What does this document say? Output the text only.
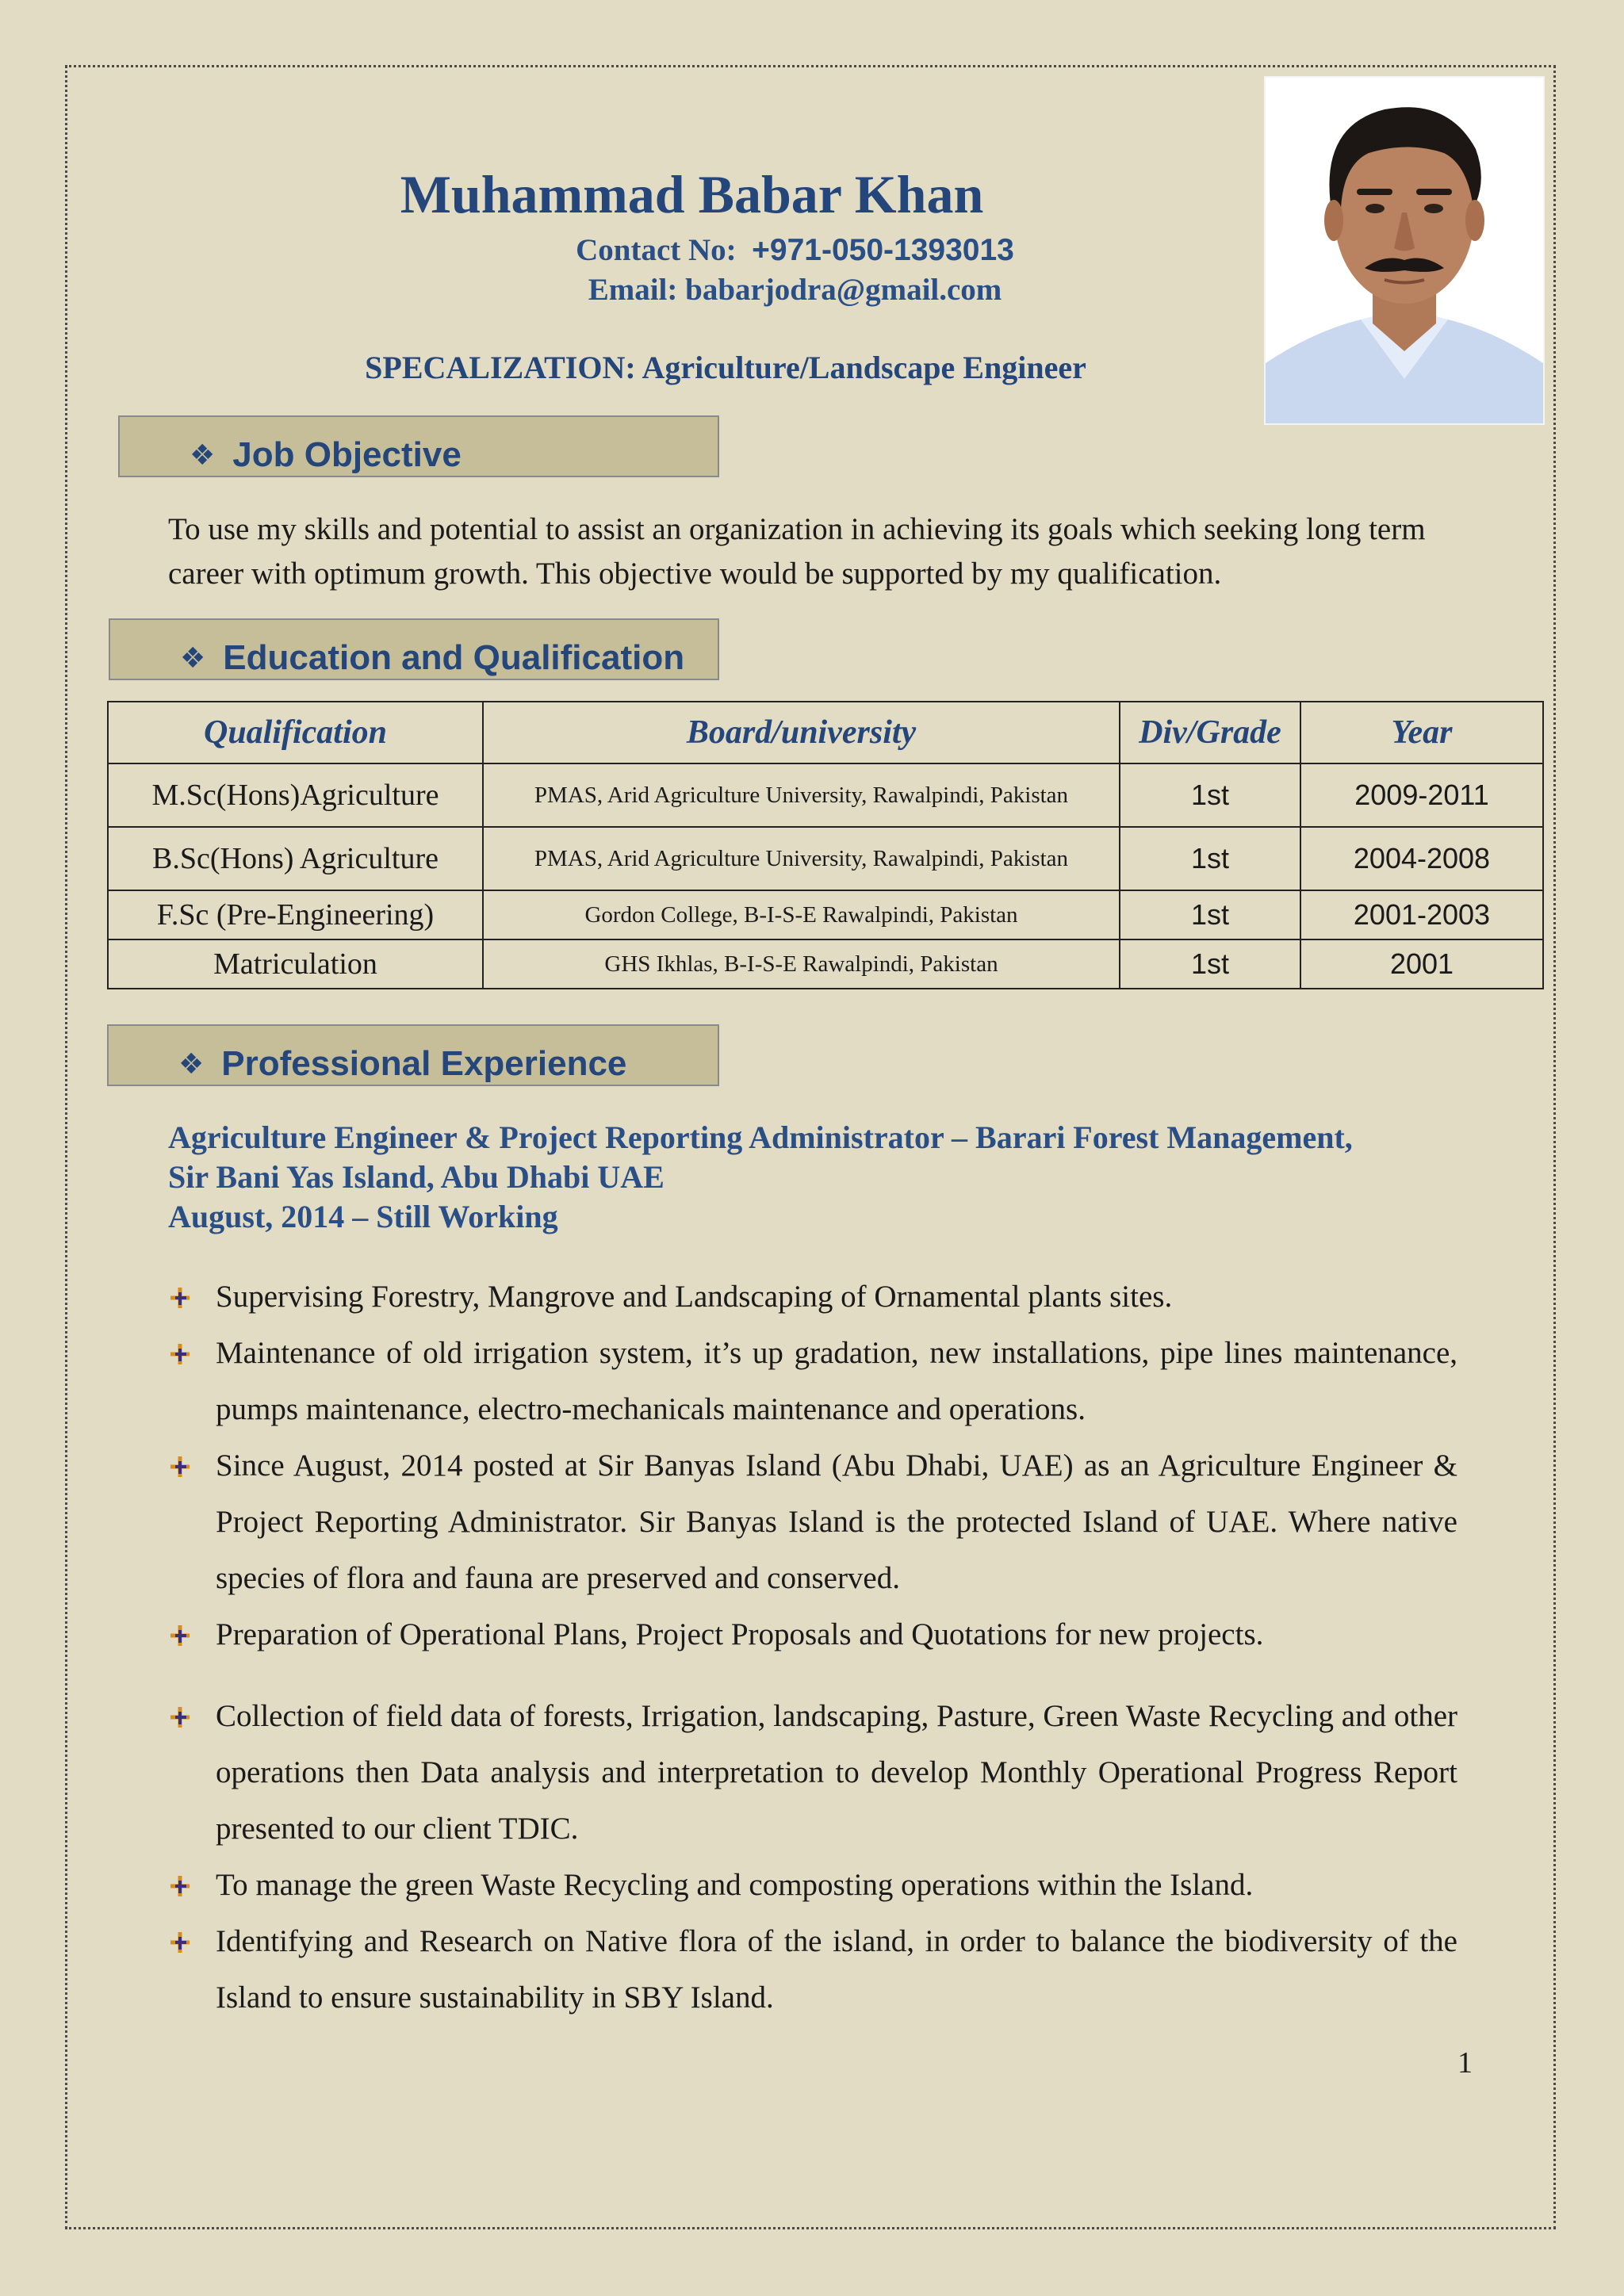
Muhammad Babar Khan
Contact No: +971-050-1393013
Email: babarjodra@gmail.com
SPECALIZATION: Agriculture/Landscape Engineer
❖ Job Objective
To use my skills and potential to assist an organization in achieving its goals which seeking long term career with optimum growth. This objective would be supported by my qualification.
❖ Education and Qualification
Qualification	Board/university	Div/Grade	Year
M.Sc(Hons)Agriculture	PMAS, Arid Agriculture University, Rawalpindi, Pakistan	1st	2009-2011
B.Sc(Hons) Agriculture	PMAS, Arid Agriculture University, Rawalpindi, Pakistan	1st	2004-2008
F.Sc (Pre-Engineering)	Gordon College, B-I-S-E Rawalpindi, Pakistan	1st	2001-2003
Matriculation	GHS Ikhlas, B-I-S-E Rawalpindi, Pakistan	1st	2001
❖ Professional Experience
Agriculture Engineer & Project Reporting Administrator – Barari Forest Management,
Sir Bani Yas Island, Abu Dhabi UAE
August, 2014 – Still Working
Supervising Forestry, Mangrove and Landscaping of Ornamental plants sites.
Maintenance of old irrigation system, it’s up gradation, new installations, pipe lines maintenance, pumps maintenance, electro-mechanicals maintenance and operations.
Since August, 2014 posted at Sir Banyas Island (Abu Dhabi, UAE) as an Agriculture Engineer & Project Reporting Administrator. Sir Banyas Island is the protected Island of UAE. Where native species of flora and fauna are preserved and conserved.
Preparation of Operational Plans, Project Proposals and Quotations for new projects.
Collection of field data of forests, Irrigation, landscaping, Pasture, Green Waste Recycling and other operations then Data analysis and interpretation to develop Monthly Operational Progress Report presented to our client TDIC.
To manage the green Waste Recycling and composting operations within the Island.
Identifying and Research on Native flora of the island, in order to balance the biodiversity of the Island to ensure sustainability in SBY Island.
1
